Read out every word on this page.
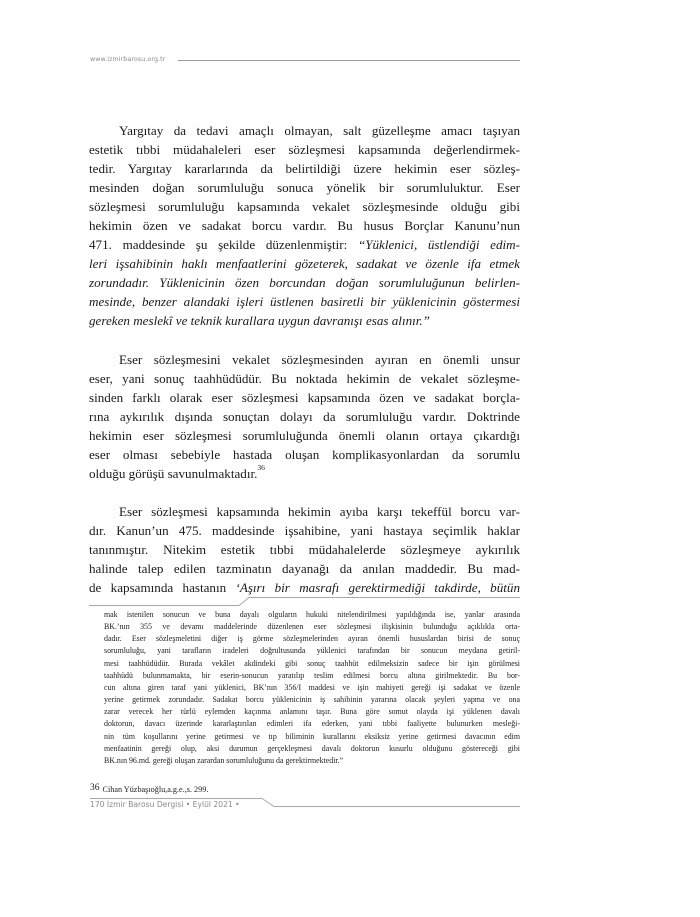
www.izmirbarosu.org.tr

Yargıtay da tedavi amaçlı olmayan, salt güzelleşme amacı taşıyan
estetik tıbbi müdahaleleri eser sözleşmesi kapsamında değerlendirmek-
tedir. Yargıtay kararlarında da belirtildiği üzere hekimin eser sözleş-
mesinden doğan sorumluluğu sonuca yönelik bir sorumluluktur. Eser
sözleşmesi sorumluluğu kapsamında vekalet sözleşmesinde olduğu gibi
hekimin özen ve sadakat borcu vardır. Bu husus Borçlar Kanunu’nun
471. maddesinde şu şekilde düzenlenmiştir: “Yüklenici, üstlendiği edim-
leri işsahibinin haklı menfaatlerini gözeterek, sadakat ve özenle ifa etmek
zorundadır. Yüklenicinin özen borcundan doğan sorumluluğunun belirlen-
mesinde, benzer alandaki işleri üstlenen basiretli bir yüklenicinin göstermesi
gereken meslekî ve teknik kurallara uygun davranışı esas alınır.”

Eser sözleşmesini vekalet sözleşmesinden ayıran en önemli unsur
eser, yani sonuç taahhüdüdür. Bu noktada hekimin de vekalet sözleşme-
sinden farklı olarak eser sözleşmesi kapsamında özen ve sadakat borçla-
rına aykırılık dışında sonuçtan dolayı da sorumluluğu vardır. Doktrinde
hekimin eser sözleşmesi sorumluluğunda önemli olanın ortaya çıkardığı
eser olması sebebiyle hastada oluşan komplikasyonlardan da sorumlu
olduğu görüşü savunulmaktadır.$^{36}$

Eser sözleşmesi kapsamında hekimin ayıba karşı tekeffül borcu var-
dır. Kanun’un 475. maddesinde işsahibine, yani hastaya seçimlik haklar
tanınmıştır. Nitekim estetik tıbbi müdahalelerde sözleşmeye aykırılık
halinde talep edilen tazminatın dayanağı da anılan maddedir. Bu mad-
de kapsamında hastanın ‘Aşırı bir masrafı gerektirmediği takdirde, bütün

mak istenilen sonucun ve buna dayalı olguların hukuki nitelendirilmesi yapıldığında ise, yanlar arasında
BK.’nın 355 ve devamı maddelerinde düzenlenen eser sözleşmesi ilişkisinin bulunduğu açıklıkla orta-
dadır. Eser sözleşmeletini diğer iş görme sözleşmelerinden ayıran önemli hususlardan birisi de sonuç
sorumluluğu, yani tarafların iradeleri doğrultusunda yüklenici tarafından bir sonucun meydana getiril-
mesi taahhüdüdür. Burada vekâlet akdindeki gibi sonuç taahhüt edilmeksizin sadece bir işin görülmesi
taahhüdü bulunmamakta, bir eserin-sonucun yaratılıp teslim edilmesi borcu altına girilmektedir. Bu bor-
cun altına giren taraf yani yüklenici, BK’nın 356/I maddesi ve işin mahiyeti gereği işi sadakat ve özenle
yerine getirmek zorundadır. Sadakat borcu yüklenicinin iş sahibinin yararına olacak şeyleri yapma ve ona
zarar verecek her türlü eylemden kaçınma anlamını taşır. Buna göre somut olayda işi yüklenen davalı
doktorun, davacı üzerinde kararlaştırılan edimleri ifa ederken, yani tıbbi faaliyette bulunurken mesleği-
nin tüm koşullarını yerine getirmesi ve tıp biliminin kurallarını eksiksiz yerine getirmesi davacının edim
menfaatinin gereği olup, aksi durumun gerçekleşmesi davalı doktorun kusurlu olduğunu göstereceği gibi
BK.nın 96.md. gereği oluşan zarardan sorumluluğunu da gerektirmektedir.”
36 Cihan Yüzbaşıoğlu,a.g.e.,s. 299.
170 İzmir Barosu Dergisi • Eylül 2021 •
